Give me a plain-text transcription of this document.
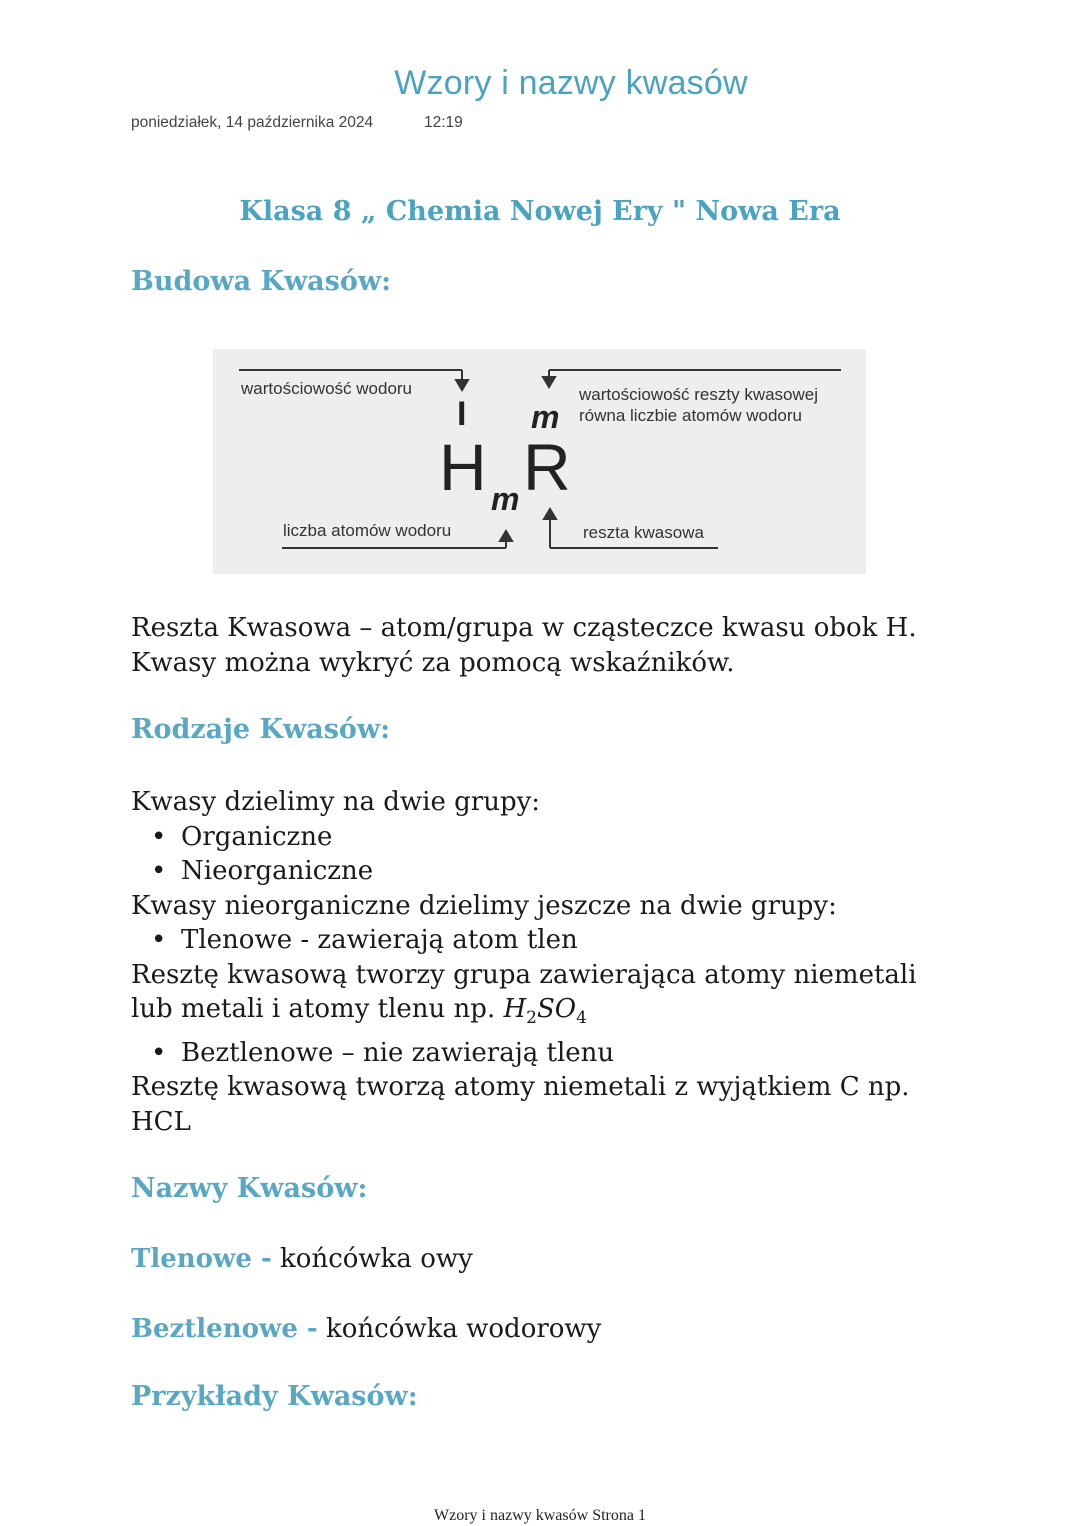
Wzory i nazwy kwasów
poniedziałek, 14 października 2024	12:19
Klasa 8 „ Chemia Nowej Ery " Nowa Era
Budowa Kwasów:
wartościowość wodoru	wartościowość reszty kwasowej
równa liczbie atomów wodoru
liczba atomów wodoru	reszta kwasowa
I m
H m R
Reszta Kwasowa – atom/grupa w cząsteczce kwasu obok H.
Kwasy można wykryć za pomocą wskaźników.
Rodzaje Kwasów:
Kwasy dzielimy na dwie grupy:
• Organiczne
• Nieorganiczne
Kwasy nieorganiczne dzielimy jeszcze na dwie grupy:
• Tlenowe - zawierają atom tlen
Resztę kwasową tworzy grupa zawierająca atomy niemetali
lub metali i atomy tlenu np. $H_2SO_4$
• Beztlenowe – nie zawierają tlenu
Resztę kwasową tworzą atomy niemetali z wyjątkiem C np.
HCL
Nazwy Kwasów:
Tlenowe - końcówka owy
Beztlenowe - końcówka wodorowy
Przykłady Kwasów:
Wzory i nazwy kwasów Strona 1
